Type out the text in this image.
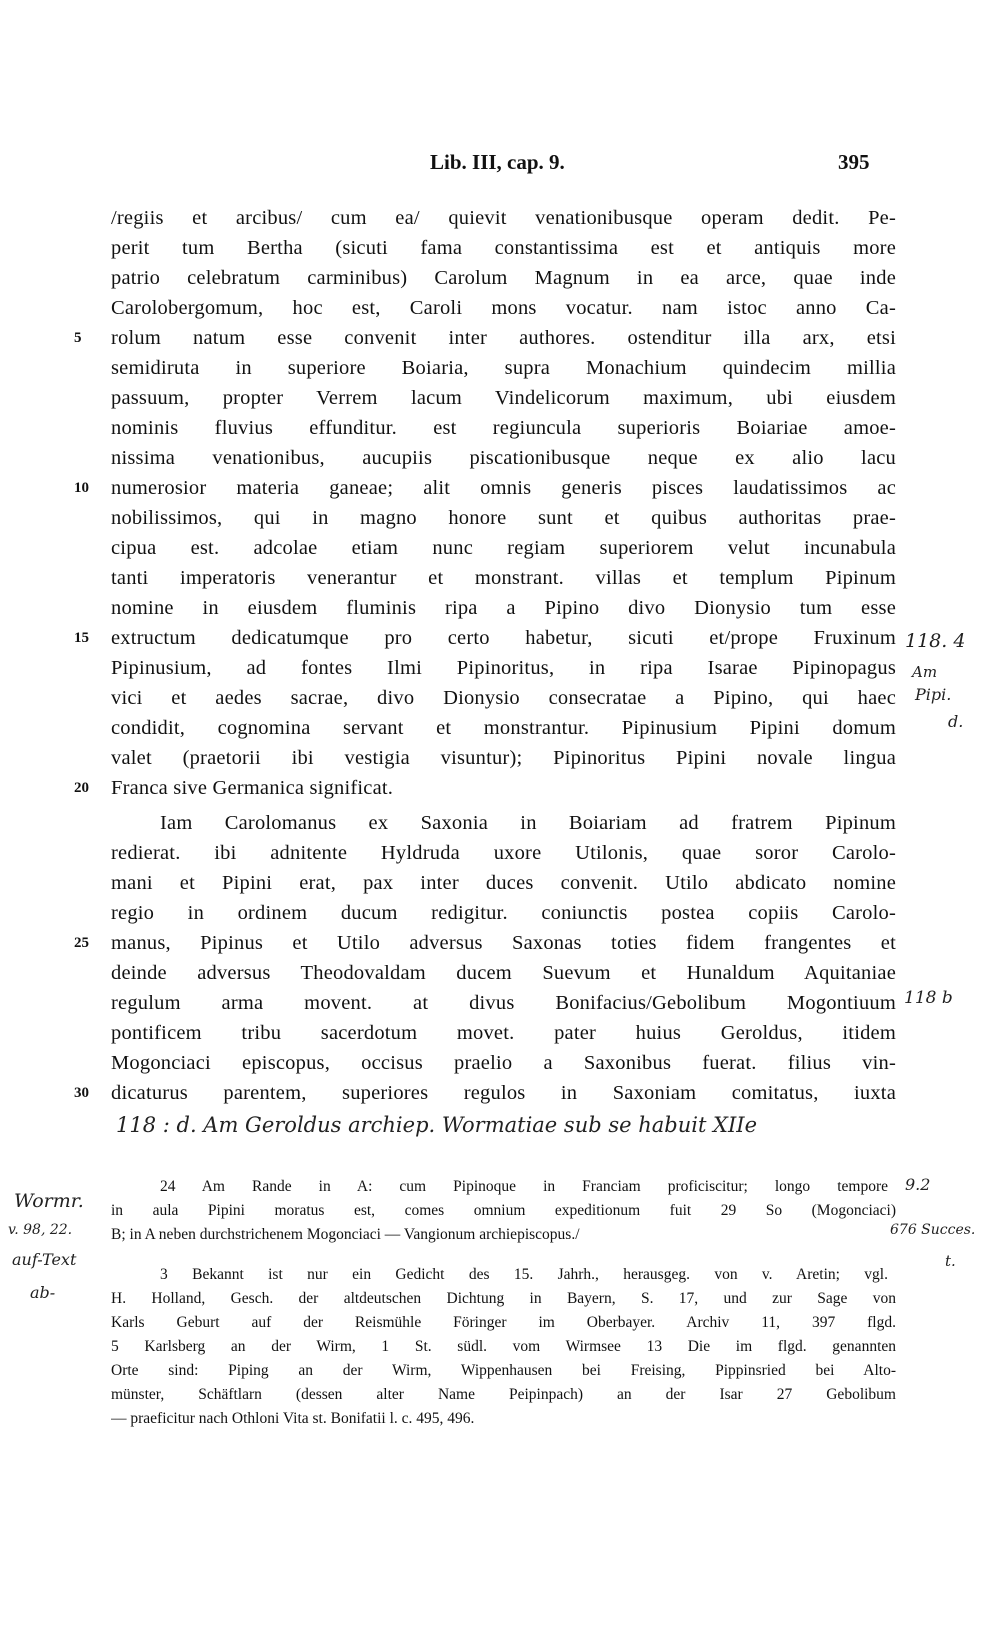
Lib. III, cap. 9.	395
/regiis et arcibus/ cum ea/ quievit venationibusque operam dedit. Pe-
perit tum Bertha (sicuti fama constantissima est et antiquis more
patrio celebratum carminibus) Carolum Magnum in ea arce, quae inde
Carolobergomum, hoc est, Caroli mons vocatur. nam istoc anno Ca-
rolum natum esse convenit inter authores. ostenditur illa arx, etsi
semidiruta in superiore Boiaria, supra Monachium quindecim millia
passuum, propter Verrem lacum Vindelicorum maximum, ubi eiusdem
nominis fluvius effunditur. est regiuncula superioris Boiariae amoe-
nissima venationibus, aucupiis piscationibusque neque ex alio lacu
numerosior materia ganeae; alit omnis generis pisces laudatissimos ac
nobilissimos, qui in magno honore sunt et quibus authoritas prae-
cipua est. adcolae etiam nunc regiam superiorem velut incunabula
tanti imperatoris venerantur et monstrant. villas et templum Pipinum
nomine in eiusdem fluminis ripa a Pipino divo Dionysio tum esse
extructum dedicatumque pro certo habetur, sicuti et/prope Fruxinum
Pipinusium, ad fontes Ilmi Pipinoritus, in ripa Isarae Pipinopagus
vici et aedes sacrae, divo Dionysio consecratae a Pipino, qui haec
condidit, cognomina servant et monstrantur. Pipinusium Pipini domum
valet (praetorii ibi vestigia visuntur); Pipinoritus Pipini novale lingua
Franca sive Germanica significat.
Iam Carolomanus ex Saxonia in Boiariam ad fratrem Pipinum
redierat. ibi adnitente Hyldruda uxore Utilonis, quae soror Carolo-
mani et Pipini erat, pax inter duces convenit. Utilo abdicato nomine
regio in ordinem ducum redigitur. coniunctis postea copiis Carolo-
manus, Pipinus et Utilo adversus Saxonas toties fidem frangentes et
deinde adversus Theodovaldam ducem Suevum et Hunaldum Aquitaniae
regulum arma movent. at divus Bonifacius/Gebolibum Mogontiuum
pontificem tribu sacerdotum movet. pater huius Geroldus, itidem
Mogonciaci episcopus, occisus praelio a Saxonibus fuerat. filius vin-
dicaturus parentem, superiores regulos in Saxoniam comitatus, iuxta
5
10
15
20
25
30
118 : d. Am Geroldus archiep. Wormatiae sub se habuit XIIe
24 Am Rande in A: cum Pipinoque in Franciam proficiscitur; longo tempore
in aula Pipini moratus est, comes omnium expeditionum fuit 29 So (Mogonciaci)
B; in A neben durchstrichenem Mogonciaci — Vangionum archiepiscopus./
3 Bekannt ist nur ein Gedicht des 15. Jahrh., herausgeg. von v. Aretin; vgl.
H. Holland, Gesch. der altdeutschen Dichtung in Bayern, S. 17, und zur Sage von
Karls Geburt auf der Reismühle Föringer im Oberbayer. Archiv 11, 397 flgd.
5 Karlsberg an der Wirm, 1 St. südl. vom Wirmsee 13 Die im flgd. genannten
Orte sind: Piping an der Wirm, Wippenhausen bei Freising, Pippinsried bei Alto-
münster, Schäftlarn (dessen alter Name Peipinpach) an der Isar 27 Gebolibum
— praeficitur nach Othloni Vita st. Bonifatii l. c. 495, 496.
118. 4
Am
Pipi.
d.
118 b
9.2
676 Succes.
t.
Wormr.
v. 98, 22.
auf-Text
ab-
